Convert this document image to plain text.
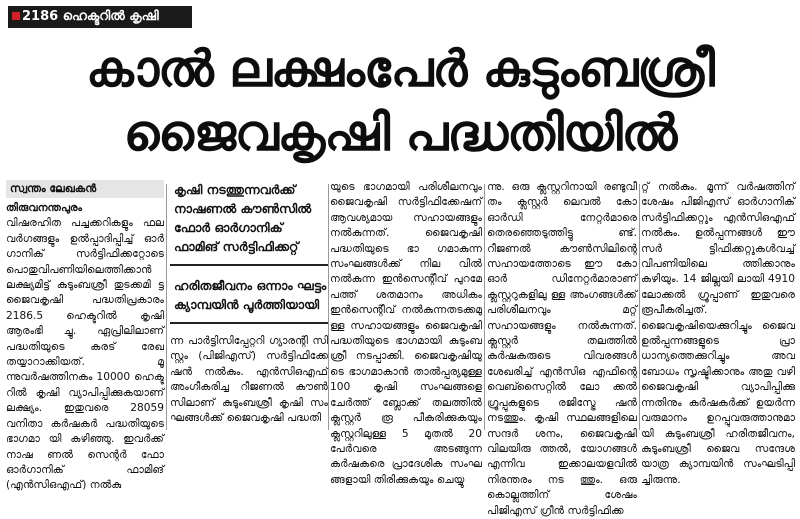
2186 ഹെക്ടറിൽ കൃഷി
കാൽ ലക്ഷംപേർ കുടുംബശ്രീ
ജൈവകൃഷി പദ്ധതിയിൽ
സ്വന്തം ലേഖകൻ

തിരുവനന്തപുരം

വിഷരഹിത പച്ചക്കറികളും ഫല വർഗങ്ങളും ഉൽപ്പാദിപ്പിച്ച് ഓർ ഗാനിക് സർട്ടിഫിക്കറ്റോടെ പൊതുവിപണിയിലെത്തിക്കാൻ ലക്ഷ്യമിട്ട് കുടുംബശ്രീ തുടക്കമി ട്ട ജൈവകൃഷി പദ്ധതിപ്രകാരം 2186.5 ഹെക്ടറിൽ കൃഷി ആരംഭി ച്ചു. ഏപ്രിലിലാണ് പദ്ധതിയുടെ കരട് രേഖ തയ്യാറാക്കിയത്. മൂ ന്നുവർഷത്തിനകം 10000 ഹെക്ട റിൽ കൃഷി വ്യാപിപ്പിക്കുകയാണ് ലക്ഷ്യം. ഇതുവരെ 28059 വനിതാ കർഷകർ പദ്ധതിയുടെ ഭാഗമാ യി കഴിഞ്ഞു. ഇവർക്ക് നാഷ ണൽ സെന്റർ ഫോ ഓർഗാനിക് ഫാമിങ് (എൻസിഒഎഫ്) നൽകു

കൃഷി നടത്തുന്നവർക്ക് നാഷണൽ കൗൺസിൽ ഫോർ ഓർഗാനിക് ഫാമിങ് സർട്ടിഫിക്കറ്റ്

ഹരിതജീവനം ഒന്നാം ഘട്ടം ക്യാമ്പയിൻ പൂർത്തിയായി

ന്ന പാർട്ടിസിപ്പേറ്ററി ഗ്യാരന്റി സി സ്റ്റം (പിജിഎസ്) സർട്ടിഫിക്കേ ഷൻ നൽകും. എൻസിഒഎഫ് അംഗീകരിച്ച റീജണൽ കൗൺ സിലാണ് കുടുംബശ്രീ കൃഷി സം ഘങ്ങൾക്ക് ജൈവകൃഷി പദ്ധതി

യുടെ ഭാഗമായി പരിശീലനവും ജൈവകൃഷി സർട്ടിഫിക്കേഷന് ആവശ്യമായ സഹായങ്ങളും നൽകുന്നത്. ജൈവകൃഷി പദ്ധതിയുടെ ഭാ ഗമാകുന്ന സംഘങ്ങൾക്ക് നില വിൽ നൽകുന്ന ഇൻസെന്റീവ് പുറമേ പത്ത് ശതമാനം അധികം ഇൻസെന്റീവ് നൽകുന്നതടക്കമു ള്ള സഹായങ്ങളും ജൈവകൃഷി പദ്ധതിയുടെ ഭാഗമായി കുടുംബ ശ്രീ നടപ്പാക്കി. ജൈവകൃഷിയു ടെ ഭാഗമാകാൻ താൽപ്പര്യമുള്ള 100 കൃഷി സംഘങ്ങളെ ചേർത്ത് ബ്ലോക്ക് തലത്തിൽ ക്ലസ്റ്റർ രൂ പീകരിക്കുകയും ക്ലസ്റ്ററിലുള്ള 5 മുതൽ 20 പേർവരെ അടങ്ങുന്ന കർഷകരെ പ്രാദേശിക സംഘ ങ്ങളായി തിരിക്കുകയും ചെയ്യു

ന്നു. ഒരു ക്ലസ്റ്ററിനായി രണ്ടുവീ തം ക്ലസ്റ്റർ ലെവൽ കോ ഓർഡി നേറ്റർമാരെ തെരഞ്ഞെടുത്തിട്ടു ണ്ട്. റീജണൽ കൗൺസിലിന്റെ സഹായത്തോടെ ഈ കോ ഓർ ഡിനേറ്റർമാരാണ് ക്ലസ്റ്ററുകളിലു ള്ള അംഗങ്ങൾക്ക് പരിശീലനവും മറ്റ് സഹായങ്ങളും നൽകുന്നത്. ക്ലസ്റ്റർ തലത്തിൽ കർഷകരുടെ വിവരങ്ങൾ ശേഖരിച്ച് എൻസിഒ എഫിന്റെ വെബ്സൈറ്റിൽ ലോ ക്കൽ ഗ്രൂപ്പുകളുടെ രജിസ്ട്രേ ഷൻ നടത്തും. കൃഷി സ്ഥലങ്ങളിലെ സന്ദർ ശനം, ജൈവകൃഷി വിലയിരു ത്തൽ, യോഗങ്ങൾ എന്നിവ ഇക്കാലയളവിൽ നിരന്തരം നട ത്തും. ഒരു കൊല്ലത്തിന് ശേഷം പിജിഎസ് ഗ്രീൻ സർട്ടിഫിക്ക

റ്റ് നൽകും. മൂന്ന് വർഷത്തിന് ശേഷം പിജിഎസ് ഓർഗാനിക് സർട്ടിഫിക്കറ്റും എൻസിഒഎഫ് നൽകും. ഉൽപ്പന്നങ്ങൾ ഈ സർ ട്ടിഫിക്കറ്റുകൾവച്ച് വിപണിയിലെ ത്തിക്കാനും കഴിയും. 14 ജില്ലയി ലായി 4910 ലോക്കൽ ഗ്രൂപ്പാണ് ഇതുവരെ രൂപീകരിച്ചത്. ജൈവകൃഷിയെക്കുറിച്ചും ജൈവ ഉൽപ്പന്നങ്ങളുടെ പ്രാ ധാന്യത്തെക്കുറിച്ചും അവ ബോധം സൃഷ്ടിക്കാനും അതു വഴി ജൈവകൃഷി വ്യാപിപ്പിക്കു ന്നതിനും കർഷകർക്ക് ഉയർന്ന വരുമാനം ഉറപ്പുവരുത്താനുമാ യി കുടുംബശ്രീ ഹരിതജീവനം, കുടുംബശ്രീ ജൈവ സന്ദേശ യാത്ര ക്യാമ്പയിൻ സംഘടിപ്പി ച്ചിരുന്നു.
